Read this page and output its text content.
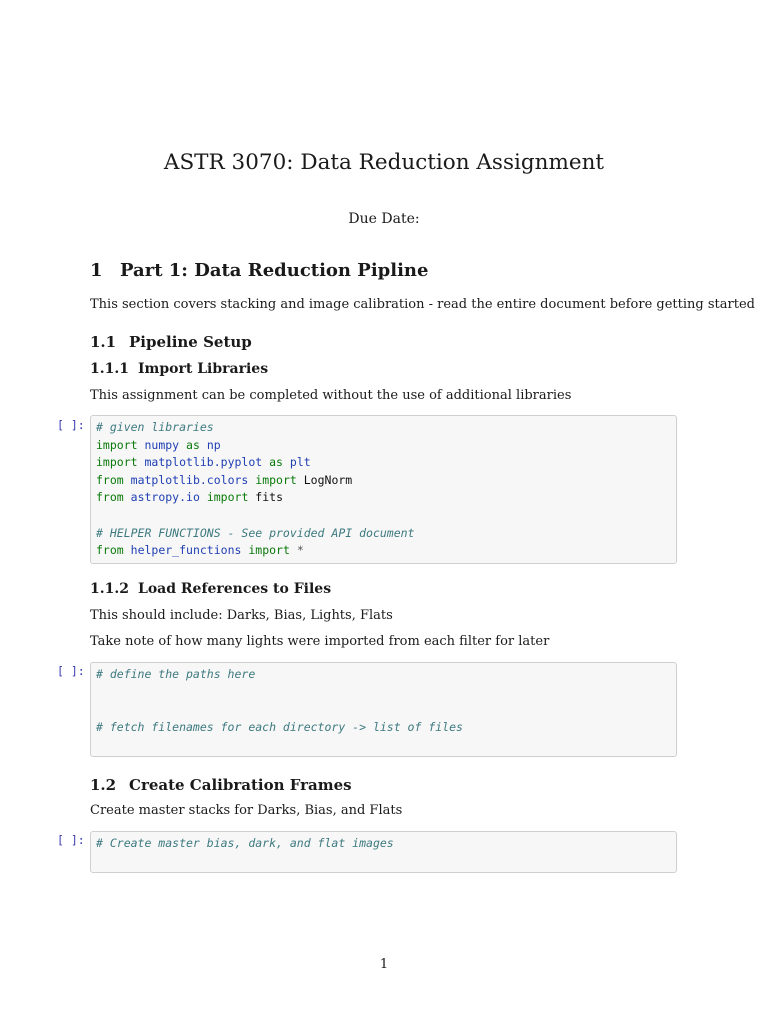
ASTR 3070: Data Reduction Assignment
Due Date:
1 Part 1: Data Reduction Pipline
This section covers stacking and image calibration - read the entire document before getting started
1.1 Pipeline Setup
1.1.1 Import Libraries
This assignment can be completed without the use of additional libraries
[ ]: # given libraries
import numpy as np
import matplotlib.pyplot as plt
from matplotlib.colors import LogNorm
from astropy.io import fits
# HELPER FUNCTIONS - See provided API document
from helper_functions import *
1.1.2 Load References to Files
This should include: Darks, Bias, Lights, Flats
Take note of how many lights were imported from each filter for later
[ ]: # define the paths here
# fetch filenames for each directory -> list of files
1.2 Create Calibration Frames
Create master stacks for Darks, Bias, and Flats
[ ]: # Create master bias, dark, and flat images
1
